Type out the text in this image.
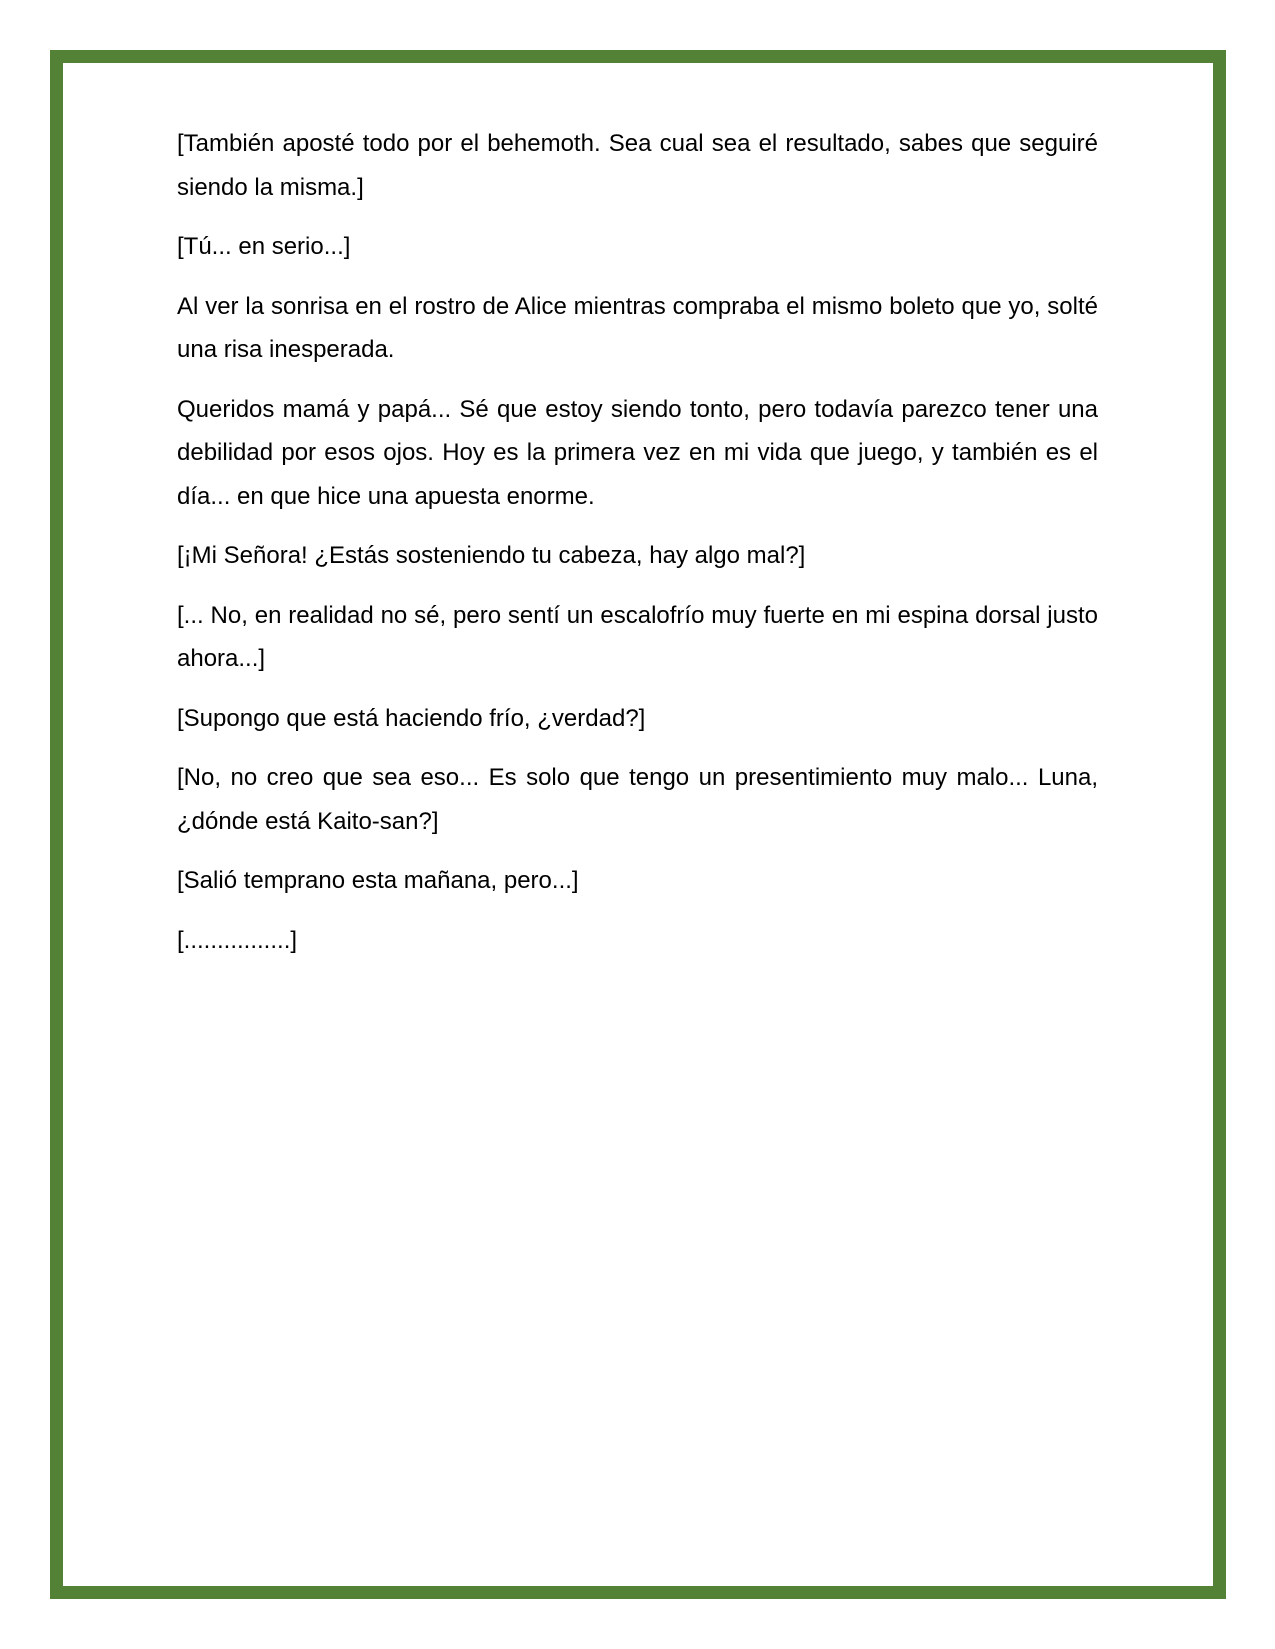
[También aposté todo por el behemoth. Sea cual sea el resultado, sabes que seguiré siendo la misma.]

[Tú... en serio...]

Al ver la sonrisa en el rostro de Alice mientras compraba el mismo boleto que yo, solté una risa inesperada.

Queridos mamá y papá... Sé que estoy siendo tonto, pero todavía parezco tener una debilidad por esos ojos. Hoy es la primera vez en mi vida que juego, y también es el día... en que hice una apuesta enorme.

[¡Mi Señora! ¿Estás sosteniendo tu cabeza, hay algo mal?]

[... No, en realidad no sé, pero sentí un escalofrío muy fuerte en mi espina dorsal justo ahora...]

[Supongo que está haciendo frío, ¿verdad?]

[No, no creo que sea eso... Es solo que tengo un presentimiento muy malo... Luna, ¿dónde está Kaito-san?]

[Salió temprano esta mañana, pero...]

[................]
